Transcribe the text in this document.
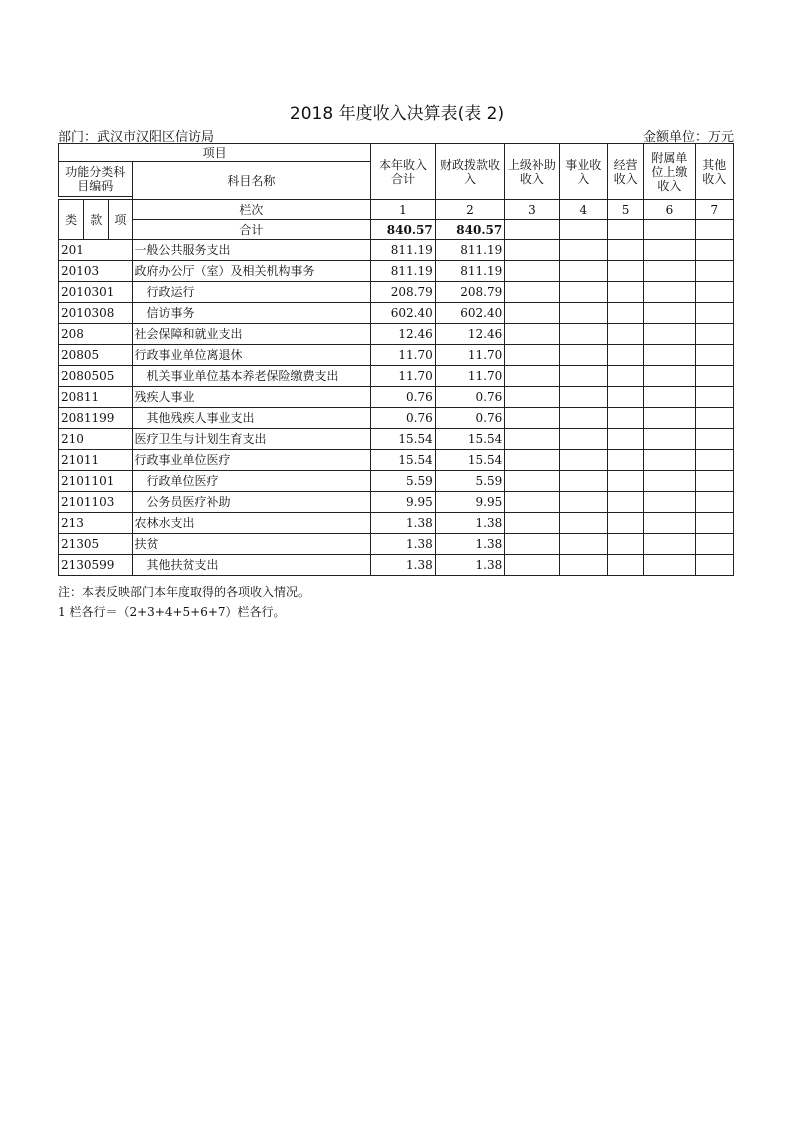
2018 年度收入决算表(表 2)
部门：武汉市汉阳区信访局	金额单位：万元
项目				本年收入合计	财政拨款收入	上级补助收入	事业收入	经营收入	附属单位上缴收入	其他收入
功能分类科目编码			科目名称							

类	款	项	栏次	1	2	3	4	5	6	7
			合计	840.57	840.57					
201			一般公共服务支出	811.19	811.19					
20103			政府办公厅（室）及相关机构事务	811.19	811.19					
2010301			行政运行	208.79	208.79					
2010308			信访事务	602.40	602.40					
208			社会保障和就业支出	12.46	12.46					
20805			行政事业单位离退休	11.70	11.70					
2080505			机关事业单位基本养老保险缴费支出	11.70	11.70					
20811			残疾人事业	0.76	0.76					
2081199			其他残疾人事业支出	0.76	0.76					
210			医疗卫生与计划生育支出	15.54	15.54					
21011			行政事业单位医疗	15.54	15.54					
2101101			行政单位医疗	5.59	5.59					
2101103			公务员医疗补助	9.95	9.95					
213			农林水支出	1.38	1.38					
21305			扶贫	1.38	1.38					
2130599			其他扶贫支出	1.38	1.38					
注：本表反映部门本年度取得的各项收入情况。
1 栏各行＝（2+3+4+5+6+7）栏各行。
